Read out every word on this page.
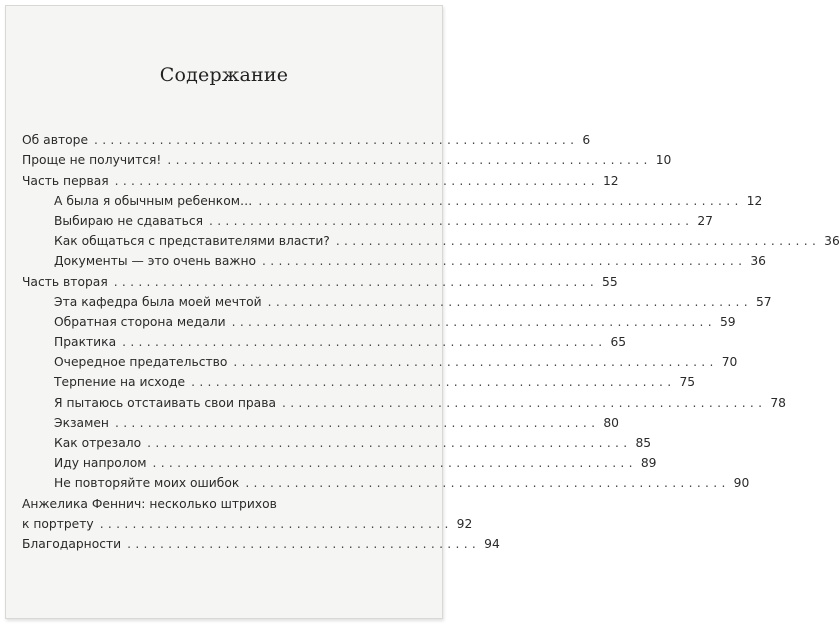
Содержание
Об авторе ........................................................... 6
Проще не получится! ........................................................... 10
Часть первая ........................................................... 12
А была я обычным ребенком… ........................................................... 12
Выбираю не сдаваться ........................................................... 27
Как общаться с представителями власти? ........................................................... 36
Документы — это очень важно ........................................................... 36
Часть вторая ........................................................... 55
Эта кафедра была моей мечтой ........................................................... 57
Обратная сторона медали ........................................................... 59
Практика ........................................................... 65
Очередное предательство ........................................................... 70
Терпение на исходе ........................................................... 75
Я пытаюсь отстаивать свои права ........................................................... 78
Экзамен ........................................................... 80
Как отрезало ........................................................... 85
Иду напролом ........................................................... 89
Не повторяйте моих ошибок ........................................................... 90
Анжелика Феннич: несколько штрихов
к портрету ........................................... 92
Благодарности ........................................... 94
